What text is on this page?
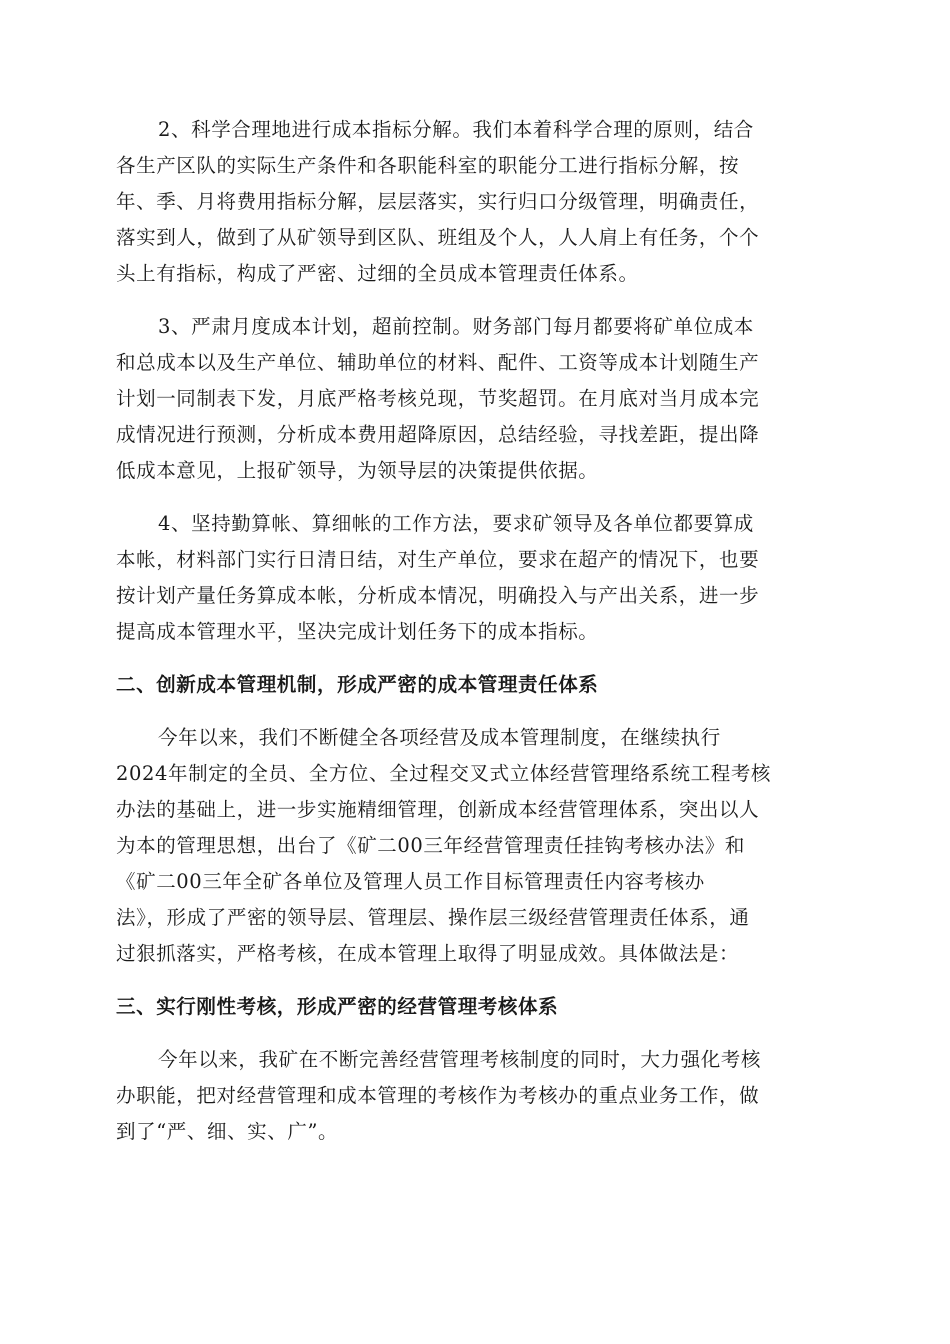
2、科学合理地进行成本指标分解。我们本着科学合理的原则，结合
各生产区队的实际生产条件和各职能科室的职能分工进行指标分解，按
年、季、月将费用指标分解，层层落实，实行归口分级管理，明确责任，
落实到人，做到了从矿领导到区队、班组及个人，人人肩上有任务，个个
头上有指标，构成了严密、过细的全员成本管理责任体系。

3、严肃月度成本计划，超前控制。财务部门每月都要将矿单位成本
和总成本以及生产单位、辅助单位的材料、配件、工资等成本计划随生产
计划一同制表下发，月底严格考核兑现，节奖超罚。在月底对当月成本完
成情况进行预测，分析成本费用超降原因，总结经验，寻找差距，提出降
低成本意见，上报矿领导，为领导层的决策提供依据。

4、坚持勤算帐、算细帐的工作方法，要求矿领导及各单位都要算成
本帐，材料部门实行日清日结，对生产单位，要求在超产的情况下，也要
按计划产量任务算成本帐，分析成本情况，明确投入与产出关系，进一步
提高成本管理水平，坚决完成计划任务下的成本指标。

二、创新成本管理机制，形成严密的成本管理责任体系

今年以来，我们不断健全各项经营及成本管理制度，在继续执行
2024年制定的全员、全方位、全过程交叉式立体经营管理络系统工程考核
办法的基础上，进一步实施精细管理，创新成本经营管理体系，突出以人
为本的管理思想，出台了《矿二00三年经营管理责任挂钩考核办法》和
《矿二00三年全矿各单位及管理人员工作目标管理责任内容考核办
法》，形成了严密的领导层、管理层、操作层三级经营管理责任体系，通
过狠抓落实，严格考核，在成本管理上取得了明显成效。具体做法是：

三、实行刚性考核，形成严密的经营管理考核体系

今年以来，我矿在不断完善经营管理考核制度的同时，大力强化考核
办职能，把对经营管理和成本管理的考核作为考核办的重点业务工作，做
到了“严、细、实、广”。
